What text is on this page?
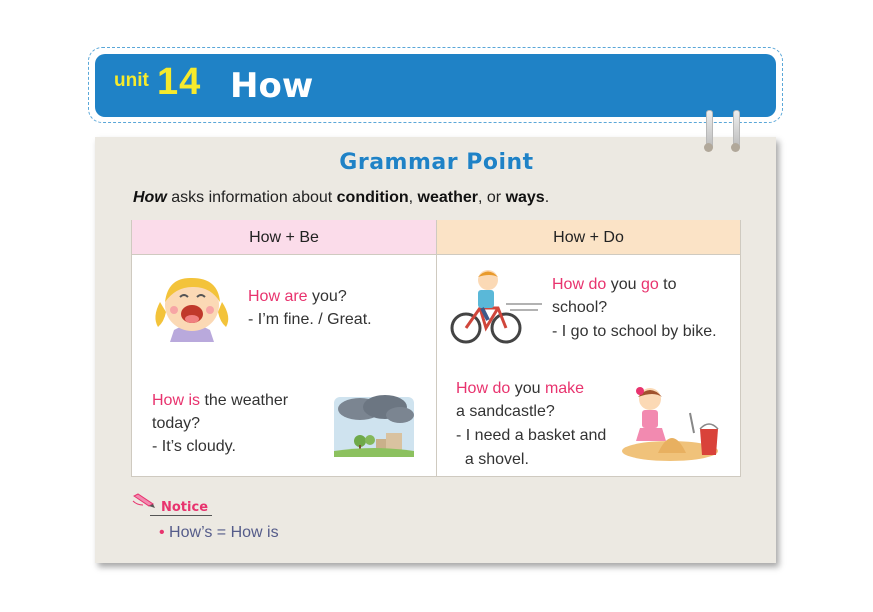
unit 14 How
Grammar Point
How asks information about condition, weather, or ways.
How + Be	How + Do
How are you?
- I’m fine. / Great.
How is the weather
today?
- It’s cloudy.
How do you go to
school?
- I go to school by bike.
How do you make
a sandcastle?
- I need a basket and
a shovel.
Notice
• How’s = How is
